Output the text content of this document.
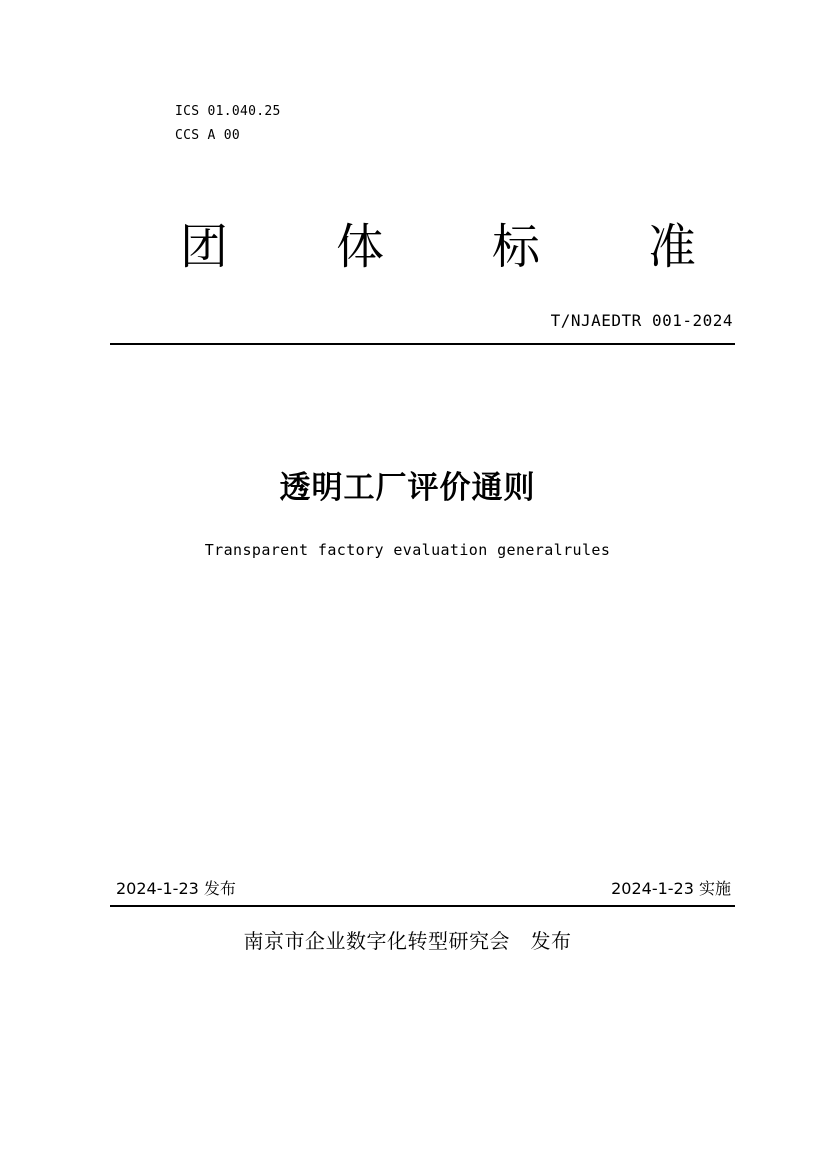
ICS 01.040.25
CCS A 00
团 体 标 准
T/NJAEDTR 001-2024
透明工厂评价通则
Transparent factory evaluation generalrules
2024-1-23 发布	2024-1-23 实施
南京市企业数字化转型研究会　发布
